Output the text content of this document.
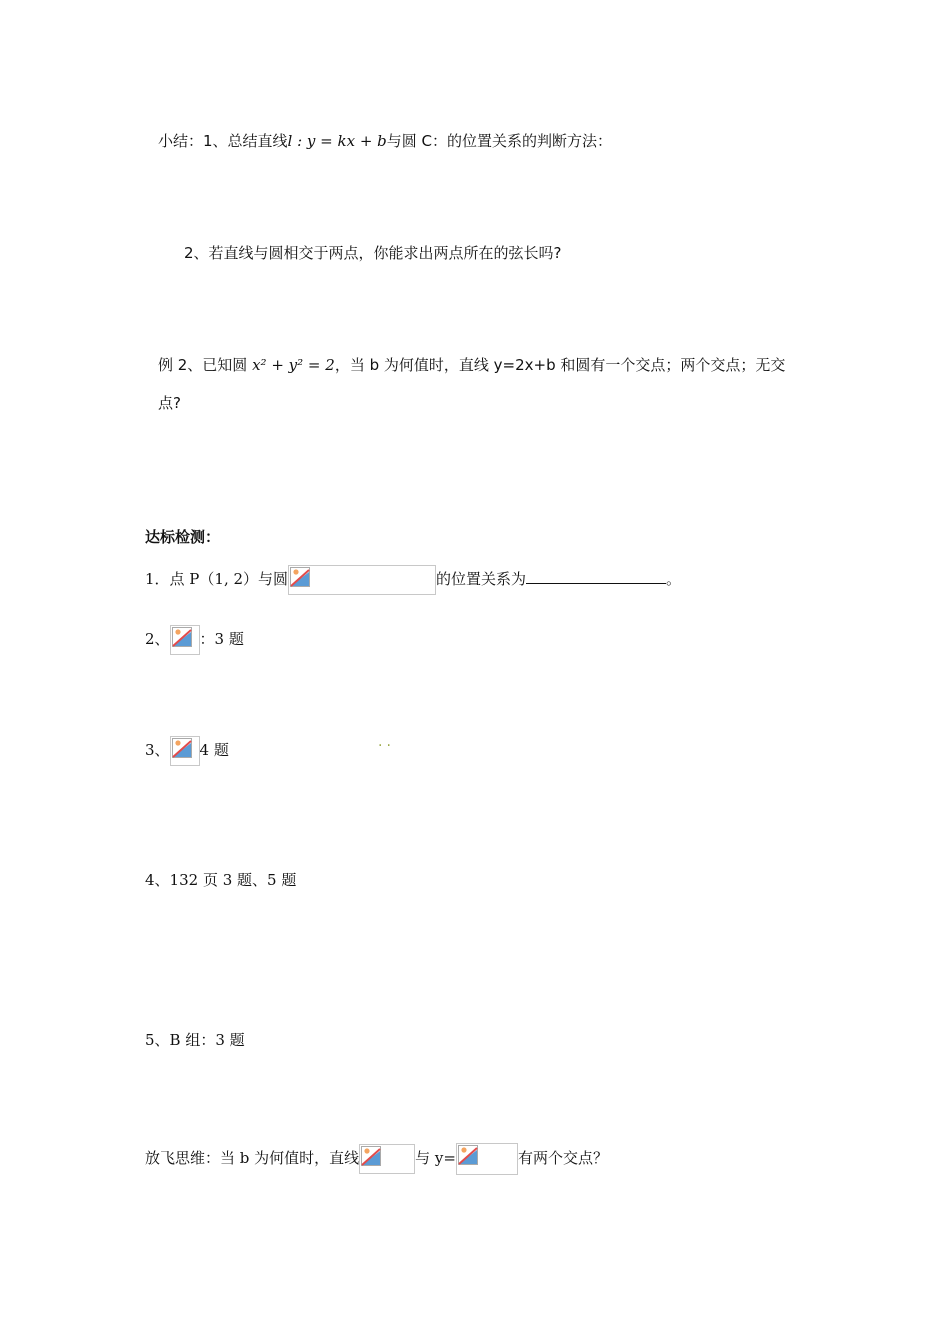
小结：1、总结直线l : y = kx + b与圆 C：的位置关系的判断方法：
2、若直线与圆相交于两点，你能求出两点所在的弦长吗?
例 2、已知圆 x² + y² = 2，当 b 为何值时，直线 y=2x+b 和圆有一个交点；两个交点；无交
点?
达标检测：
1．点 P（1, 2）与圆	的位置关系为	。
2、 ：3 题
3、 4 题	··
4、132 页 3 题、5 题
5、B 组：3 题
放飞思维：当 b 为何值时，直线	与 y=	有两个交点？
